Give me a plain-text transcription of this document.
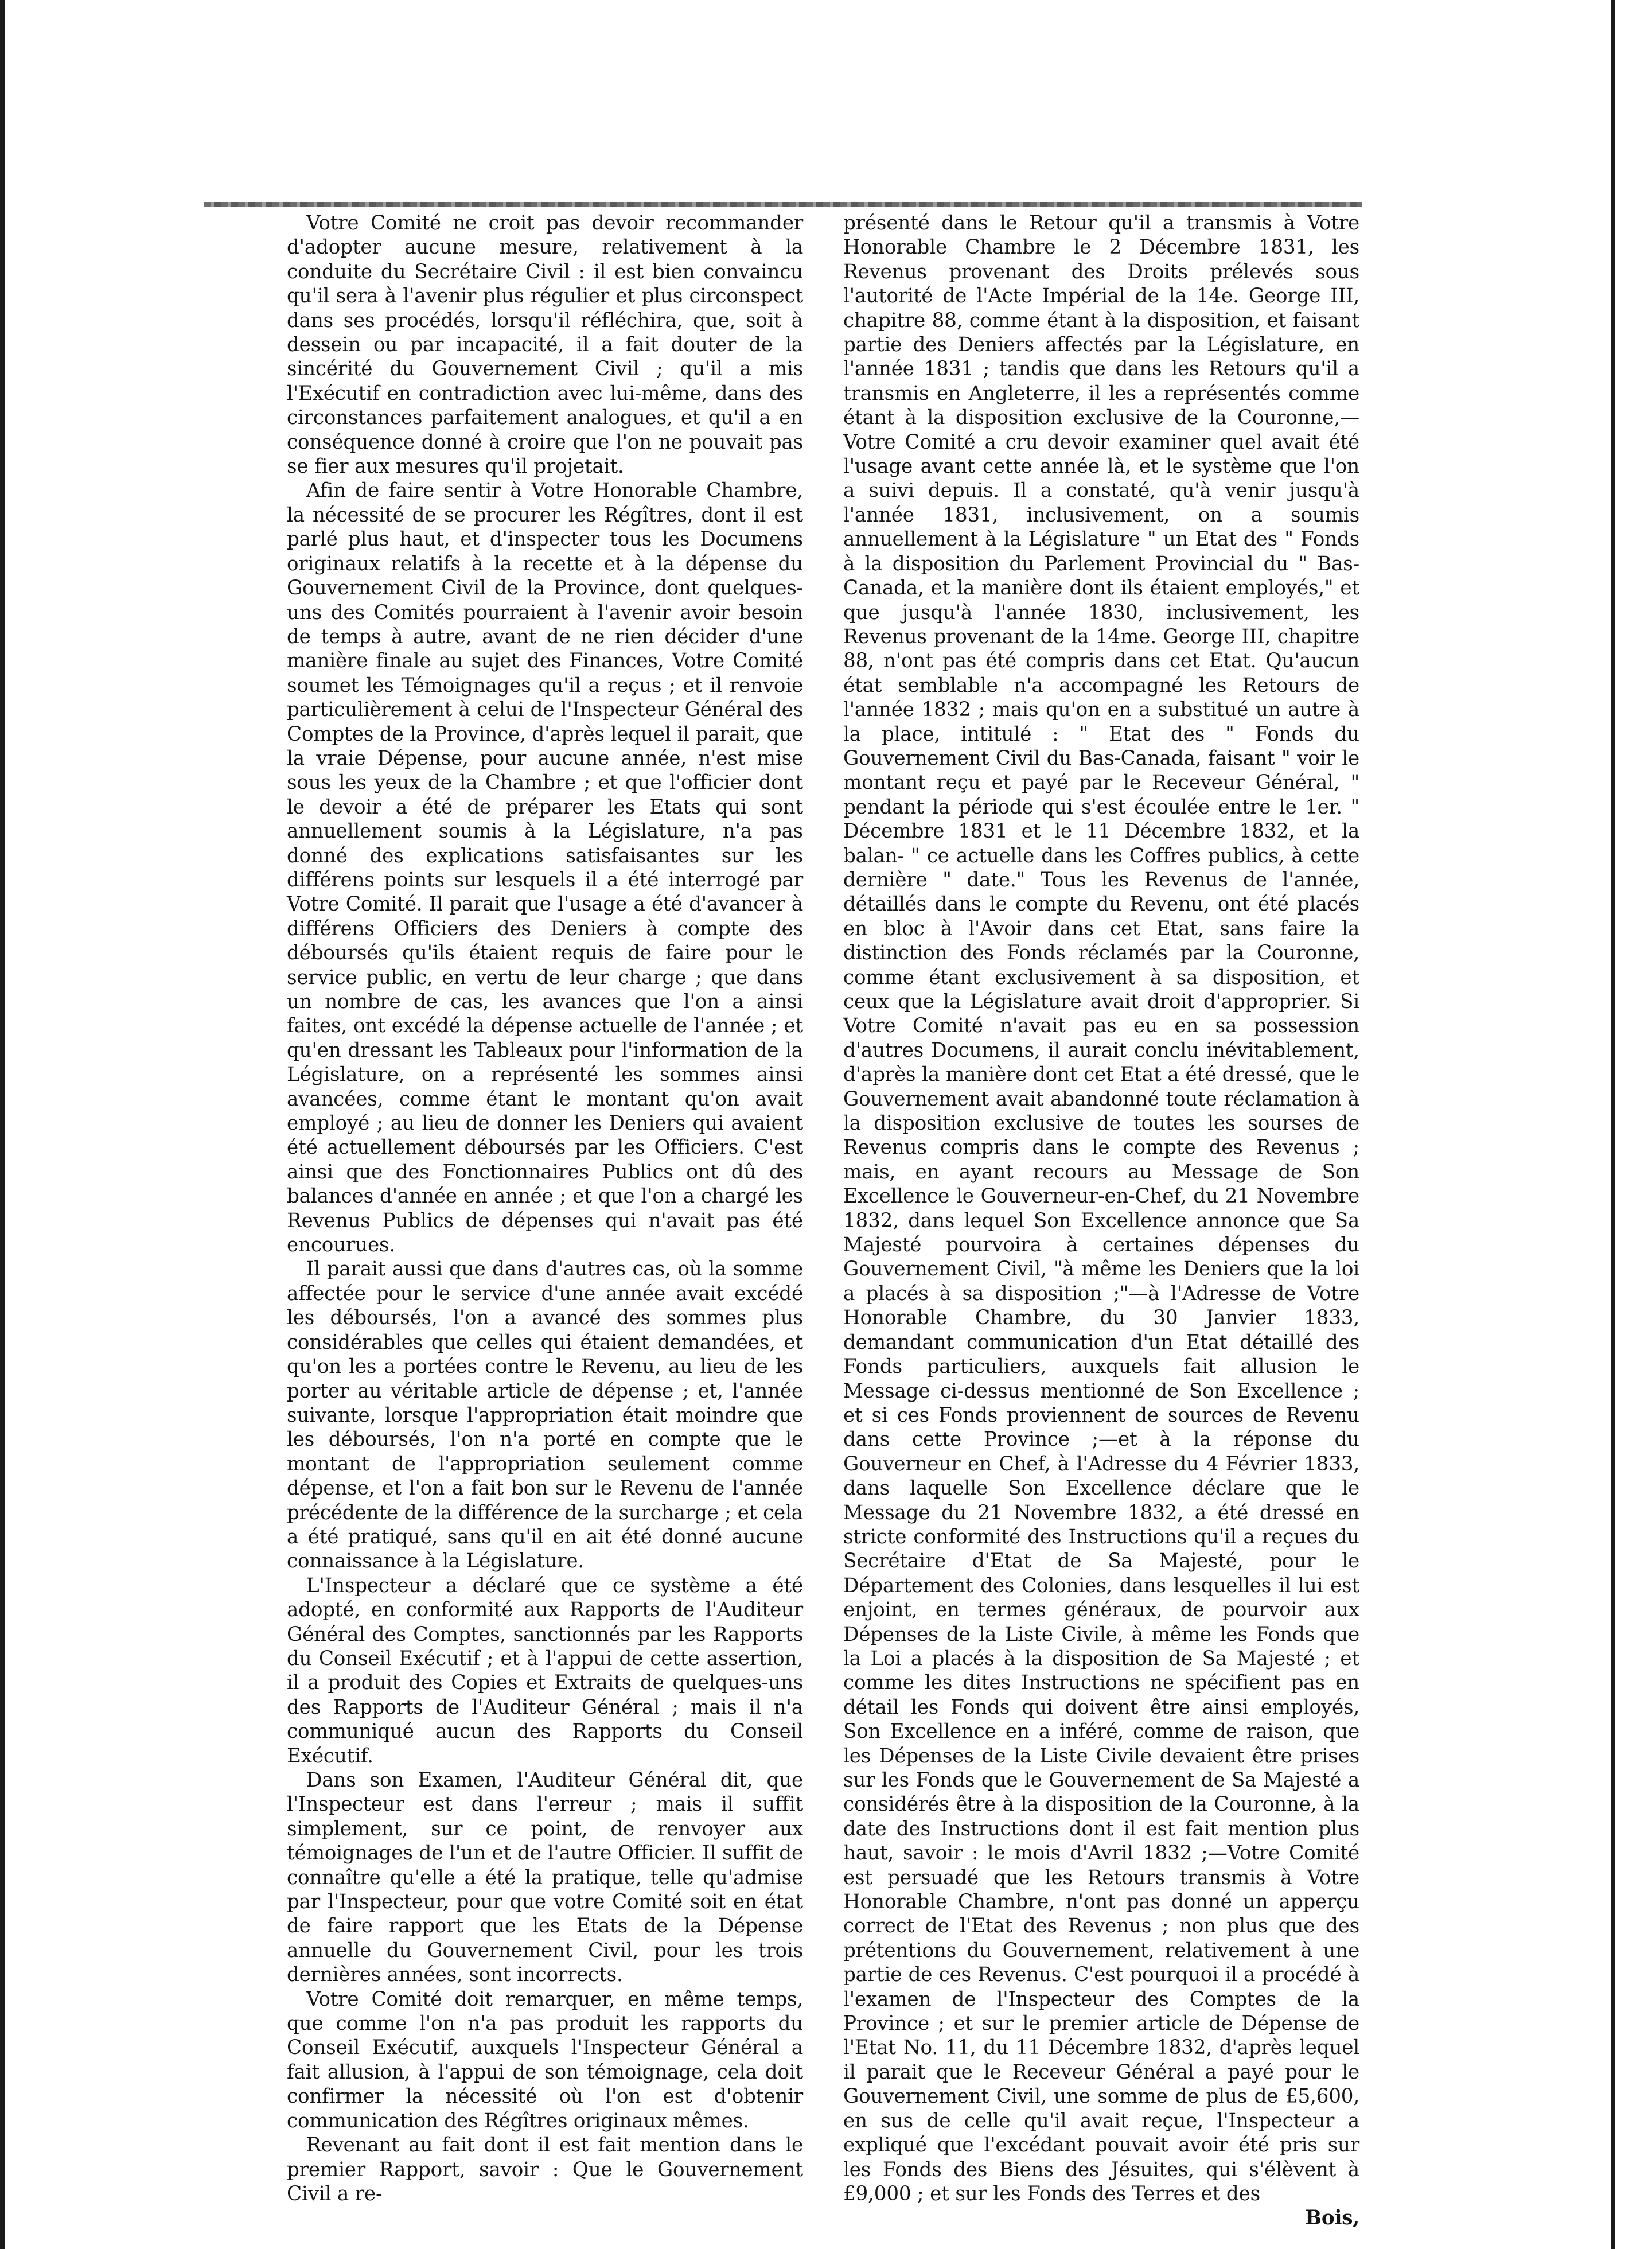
Votre Comité ne croit pas devoir recommander d'adopter aucune mesure, relativement à la conduite du Secrétaire Civil : il est bien convaincu qu'il sera à l'avenir plus régulier et plus circonspect dans ses procédés, lorsqu'il réfléchira, que, soit à dessein ou par incapacité, il a fait douter de la sincérité du Gouvernement Civil ; qu'il a mis l'Exécutif en contradiction avec lui-même, dans des circonstances parfaitement analogues, et qu'il a en conséquence donné à croire que l'on ne pouvait pas se fier aux mesures qu'il projetait.

Afin de faire sentir à Votre Honorable Chambre, la nécessité de se procurer les Régîtres, dont il est parlé plus haut, et d'inspecter tous les Documens originaux relatifs à la recette et à la dépense du Gouvernement Civil de la Province, dont quelques-uns des Comités pourraient à l'avenir avoir besoin de temps à autre, avant de ne rien décider d'une manière finale au sujet des Finances, Votre Comité soumet les Témoignages qu'il a reçus ; et il renvoie particulièrement à celui de l'Inspecteur Général des Comptes de la Province, d'après lequel il parait, que la vraie Dépense, pour aucune année, n'est mise sous les yeux de la Chambre ; et que l'officier dont le devoir a été de préparer les Etats qui sont annuellement soumis à la Législature, n'a pas donné des explications satisfaisantes sur les différens points sur lesquels il a été interrogé par Votre Comité. Il parait que l'usage a été d'avancer à différens Officiers des Deniers à compte des déboursés qu'ils étaient requis de faire pour le service public, en vertu de leur charge ; que dans un nombre de cas, les avances que l'on a ainsi faites, ont excédé la dépense actuelle de l'année ; et qu'en dressant les Tableaux pour l'information de la Législature, on a représenté les sommes ainsi avancées, comme étant le montant qu'on avait employé ; au lieu de donner les Deniers qui avaient été actuellement déboursés par les Officiers. C'est ainsi que des Fonctionnaires Publics ont dû des balances d'année en année ; et que l'on a chargé les Revenus Publics de dépenses qui n'avait pas été encourues.

Il parait aussi que dans d'autres cas, où la somme affectée pour le service d'une année avait excédé les déboursés, l'on a avancé des sommes plus considérables que celles qui étaient demandées, et qu'on les a portées contre le Revenu, au lieu de les porter au véritable article de dépense ; et, l'année suivante, lorsque l'appropriation était moindre que les déboursés, l'on n'a porté en compte que le montant de l'appropriation seulement comme dépense, et l'on a fait bon sur le Revenu de l'année précédente de la différence de la surcharge ; et cela a été pratiqué, sans qu'il en ait été donné aucune connaissance à la Législature.

L'Inspecteur a déclaré que ce système a été adopté, en conformité aux Rapports de l'Auditeur Général des Comptes, sanctionnés par les Rapports du Conseil Exécutif ; et à l'appui de cette assertion, il a produit des Copies et Extraits de quelques-uns des Rapports de l'Auditeur Général ; mais il n'a communiqué aucun des Rapports du Conseil Exécutif.

Dans son Examen, l'Auditeur Général dit, que l'Inspecteur est dans l'erreur ; mais il suffit simplement, sur ce point, de renvoyer aux témoignages de l'un et de l'autre Officier. Il suffit de connaître qu'elle a été la pratique, telle qu'admise par l'Inspecteur, pour que votre Comité soit en état de faire rapport que les Etats de la Dépense annuelle du Gouvernement Civil, pour les trois dernières années, sont incorrects.

Votre Comité doit remarquer, en même temps, que comme l'on n'a pas produit les rapports du Conseil Exécutif, auxquels l'Inspecteur Général a fait allusion, à l'appui de son témoignage, cela doit confirmer la nécessité où l'on est d'obtenir communication des Régîtres originaux mêmes.

Revenant au fait dont il est fait mention dans le premier Rapport, savoir : Que le Gouvernement Civil a re-

présenté dans le Retour qu'il a transmis à Votre Honorable Chambre le 2 Décembre 1831, les Revenus provenant des Droits prélevés sous l'autorité de l'Acte Impérial de la 14e. George III, chapitre 88, comme étant à la disposition, et faisant partie des Deniers affectés par la Législature, en l'année 1831 ; tandis que dans les Retours qu'il a transmis en Angleterre, il les a représentés comme étant à la disposition exclusive de la Couronne,—Votre Comité a cru devoir examiner quel avait été l'usage avant cette année là, et le système que l'on a suivi depuis. Il a constaté, qu'à venir jusqu'à l'année 1831, inclusivement, on a soumis annuellement à la Législature " un Etat des " Fonds à la disposition du Parlement Provincial du " Bas-Canada, et la manière dont ils étaient employés," et que jusqu'à l'année 1830, inclusivement, les Revenus provenant de la 14me. George III, chapitre 88, n'ont pas été compris dans cet Etat. Qu'aucun état semblable n'a accompagné les Retours de l'année 1832 ; mais qu'on en a substitué un autre à la place, intitulé : " Etat des " Fonds du Gouvernement Civil du Bas-Canada, faisant " voir le montant reçu et payé par le Receveur Général, " pendant la période qui s'est écoulée entre le 1er. " Décembre 1831 et le 11 Décembre 1832, et la balan- " ce actuelle dans les Coffres publics, à cette dernière " date." Tous les Revenus de l'année, détaillés dans le compte du Revenu, ont été placés en bloc à l'Avoir dans cet Etat, sans faire la distinction des Fonds réclamés par la Couronne, comme étant exclusivement à sa disposition, et ceux que la Législature avait droit d'approprier. Si Votre Comité n'avait pas eu en sa possession d'autres Documens, il aurait conclu inévitablement, d'après la manière dont cet Etat a été dressé, que le Gouvernement avait abandonné toute réclamation à la disposition exclusive de toutes les sourses de Revenus compris dans le compte des Revenus ; mais, en ayant recours au Message de Son Excellence le Gouverneur-en-Chef, du 21 Novembre 1832, dans lequel Son Excellence annonce que Sa Majesté pourvoira à certaines dépenses du Gouvernement Civil, "à même les Deniers que la loi a placés à sa disposition ;"—à l'Adresse de Votre Honorable Chambre, du 30 Janvier 1833, demandant communication d'un Etat détaillé des Fonds particuliers, auxquels fait allusion le Message ci-dessus mentionné de Son Excellence ; et si ces Fonds proviennent de sources de Revenu dans cette Province ;—et à la réponse du Gouverneur en Chef, à l'Adresse du 4 Février 1833, dans laquelle Son Excellence déclare que le Message du 21 Novembre 1832, a été dressé en stricte conformité des Instructions qu'il a reçues du Secrétaire d'Etat de Sa Majesté, pour le Département des Colonies, dans lesquelles il lui est enjoint, en termes généraux, de pourvoir aux Dépenses de la Liste Civile, à même les Fonds que la Loi a placés à la disposition de Sa Majesté ; et comme les dites Instructions ne spécifient pas en détail les Fonds qui doivent être ainsi employés, Son Excellence en a inféré, comme de raison, que les Dépenses de la Liste Civile devaient être prises sur les Fonds que le Gouvernement de Sa Majesté a considérés être à la disposition de la Couronne, à la date des Instructions dont il est fait mention plus haut, savoir : le mois d'Avril 1832 ;—Votre Comité est persuadé que les Retours transmis à Votre Honorable Chambre, n'ont pas donné un apperçu correct de l'Etat des Revenus ; non plus que des prétentions du Gouvernement, relativement à une partie de ces Revenus. C'est pourquoi il a procédé à l'examen de l'Inspecteur des Comptes de la Province ; et sur le premier article de Dépense de l'Etat No. 11, du 11 Décembre 1832, d'après lequel il parait que le Receveur Général a payé pour le Gouvernement Civil, une somme de plus de £5,600, en sus de celle qu'il avait reçue, l'Inspecteur a expliqué que l'excédant pouvait avoir été pris sur les Fonds des Biens des Jésuites, qui s'élèvent à £9,000 ; et sur les Fonds des Terres et des

Bois,
